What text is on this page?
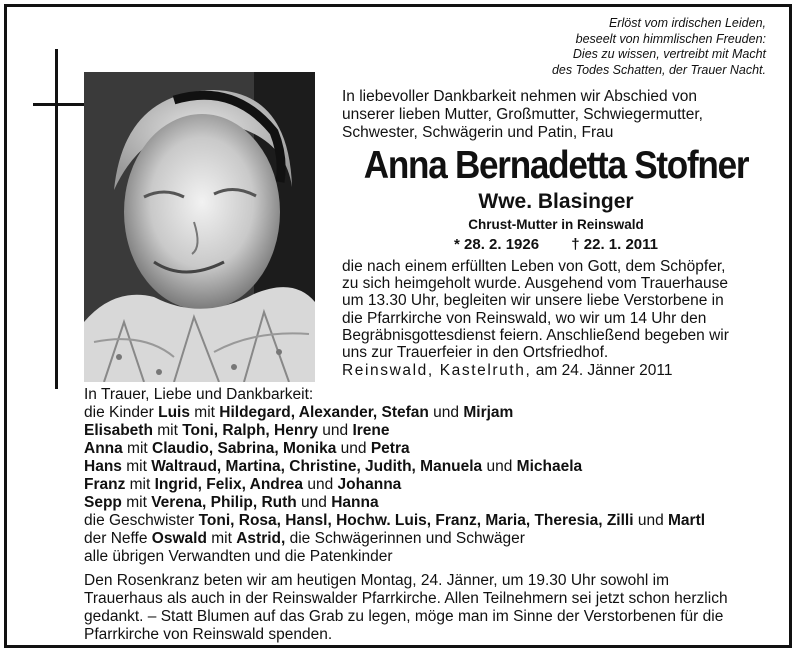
Erlöst vom irdischen Leiden,
beseelt von himmlischen Freuden:
Dies zu wissen, vertreibt mit Macht
des Todes Schatten, der Trauer Nacht.
In liebevoller Dankbarkeit nehmen wir Abschied von
unserer lieben Mutter, Großmutter, Schwiegermutter,
Schwester, Schwägerin und Patin, Frau
Anna Bernadetta Stofner
Wwe. Blasinger
Chrust-Mutter in Reinswald
* 28. 2. 1926 † 22. 1. 2011
die nach einem erfüllten Leben von Gott, dem Schöpfer,
zu sich heimgeholt wurde. Ausgehend vom Trauerhause
um 13.30 Uhr, begleiten wir unsere liebe Verstorbene in
die Pfarrkirche von Reinswald, wo wir um 14 Uhr den
Begräbnisgottesdienst feiern. Anschließend begeben wir
uns zur Trauerfeier in den Ortsfriedhof.
Reinswald, Kastelruth, am 24. Jänner 2011
In Trauer, Liebe und Dankbarkeit:
die Kinder Luis mit Hildegard, Alexander, Stefan und Mirjam
Elisabeth mit Toni, Ralph, Henry und Irene
Anna mit Claudio, Sabrina, Monika und Petra
Hans mit Waltraud, Martina, Christine, Judith, Manuela und Michaela
Franz mit Ingrid, Felix, Andrea und Johanna
Sepp mit Verena, Philip, Ruth und Hanna
die Geschwister Toni, Rosa, Hansl, Hochw. Luis, Franz, Maria, Theresia, Zilli und Martl
der Neffe Oswald mit Astrid, die Schwägerinnen und Schwäger
alle übrigen Verwandten und die Patenkinder
Den Rosenkranz beten wir am heutigen Montag, 24. Jänner, um 19.30 Uhr sowohl im
Trauerhaus als auch in der Reinswalder Pfarrkirche. Allen Teilnehmern sei jetzt schon herzlich
gedankt. – Statt Blumen auf das Grab zu legen, möge man im Sinne der Verstorbenen für die
Pfarrkirche von Reinswald spenden.
